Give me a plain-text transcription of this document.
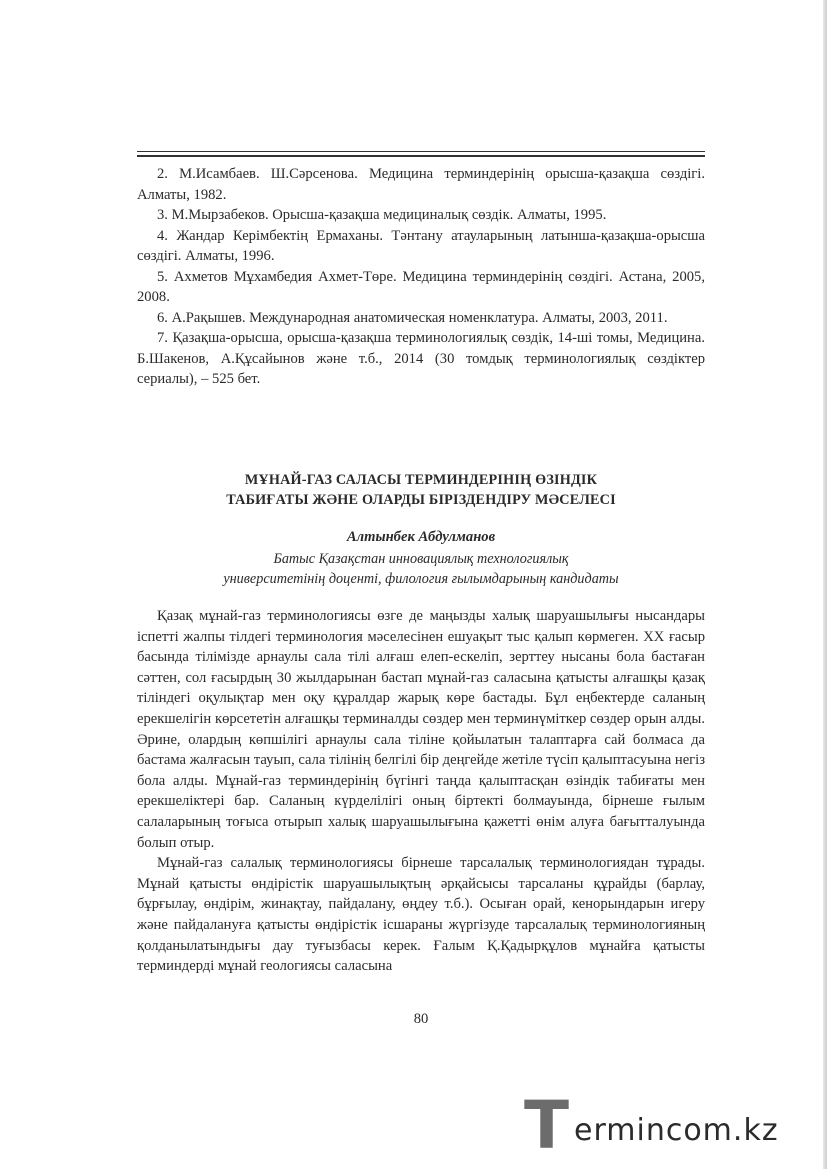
2. М.Исамбаев. Ш.Сәрсенова. Медицина терминдерінің орысша-қазақша сөздігі. Алматы, 1982.

3. М.Мырзабеков. Орысша-қазақша медициналық сөздік. Алматы, 1995.

4. Жандар Керімбектің Ермаханы. Тәнтану атауларының латынша-қазақша-орысша сөздігі. Алматы, 1996.

5. Ахметов Мұхамбедия Ахмет-Төре. Медицина терминдерінің сөздігі. Астана, 2005, 2008.

6. А.Рақышев. Международная анатомическая номенклатура. Алматы, 2003, 2011.

7. Қазақша-орысша, орысша-қазақша терминологиялық сөздік, 14-ші томы, Медицина. Б.Шакенов, А.Құсайынов және т.б., 2014 (30 томдық терминологиялық сөздіктер сериалы), – 525 бет.

МҰНАЙ-ГАЗ САЛАСЫ ТЕРМИНДЕРІНІҢ ӨЗІНДІК
ТАБИҒАТЫ ЖӘНЕ ОЛАРДЫ БІРІЗДЕНДІРУ МӘСЕЛЕСІ
Алтынбек Абдулманов
Батыс Қазақстан инновациялық технологиялық
университетінің доценті, филология ғылымдарының кандидаты

Қазақ мұнай-газ терминологиясы өзге де маңызды халық шаруашылығы нысандары іспетті жалпы тілдегі терминология мәселесінен ешуақыт тыс қалып көрмеген. ХХ ғасыр басында тілімізде арнаулы сала тілі алғаш елеп-ескеліп, зерттеу нысаны бола бастаған сәттен, сол ғасырдың 30 жылдарынан бастап мұнай-газ саласына қатысты алғашқы қазақ тіліндегі оқулықтар мен оқу құралдар жарық көре бастады. Бұл еңбектерде саланың ерекшелігін көрсететін алғашқы терминалды сөздер мен терминүміткер сөздер орын алды. Әрине, олардың көпшілігі арнаулы сала тіліне қойылатын талаптарға сай болмаса да бастама жалғасын тауып, сала тілінің белгілі бір деңгейде жетіле түсіп қалыптасуына негіз бола алды. Мұнай-газ терминдерінің бүгінгі таңда қалыптасқан өзіндік табиғаты мен ерекшеліктері бар. Саланың күрделілігі оның біртекті болмауында, бірнеше ғылым салаларының тоғыса отырып халық шаруашылығына қажетті өнім алуға бағытталуында болып отыр.

Мұнай-газ салалық терминологиясы бірнеше тарсалалық терминологиядан тұрады. Мұнай қатысты өндірістік шаруашылықтың әрқайсысы тарсаланы құрайды (барлау, бұрғылау, өндірім, жинақтау, пайдалану, өңдеу т.б.). Осыған орай, кенорындарын игеру және пайдалануға қатысты өндірістік ісшараны жүргізуде тарсалалық терминологияның қолданылатындығы дау туғызбасы керек. Ғалым Қ.Қадырқұлов мұнайға қатысты терминдерді мұнай геологиясы саласына

80
T ermincom.kz
